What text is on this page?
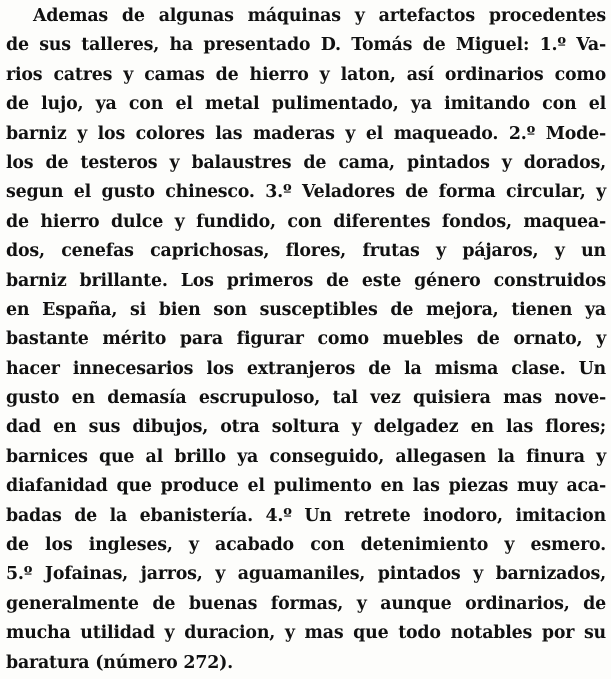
Ademas de algunas máquinas y artefactos procedentes
de sus talleres, ha presentado D. Tomás de Miguel: 1.º Va-
rios catres y camas de hierro y laton, así ordinarios como
de lujo, ya con el metal pulimentado, ya imitando con el
barniz y los colores las maderas y el maqueado. 2.º Mode-
los de testeros y balaustres de cama, pintados y dorados,
segun el gusto chinesco. 3.º Veladores de forma circular, y
de hierro dulce y fundido, con diferentes fondos, maquea-
dos, cenefas caprichosas, flores, frutas y pájaros, y un
barniz brillante. Los primeros de este género construidos
en España, si bien son susceptibles de mejora, tienen ya
bastante mérito para figurar como muebles de ornato, y
hacer innecesarios los extranjeros de la misma clase. Un
gusto en demasía escrupuloso, tal vez quisiera mas nove-
dad en sus dibujos, otra soltura y delgadez en las flores;
barnices que al brillo ya conseguido, allegasen la finura y
diafanidad que produce el pulimento en las piezas muy aca-
badas de la ebanistería. 4.º Un retrete inodoro, imitacion
de los ingleses, y acabado con detenimiento y esmero.
5.º Jofainas, jarros, y aguamaniles, pintados y barnizados,
generalmente de buenas formas, y aunque ordinarios, de
mucha utilidad y duracion, y mas que todo notables por su
baratura (número 272).
